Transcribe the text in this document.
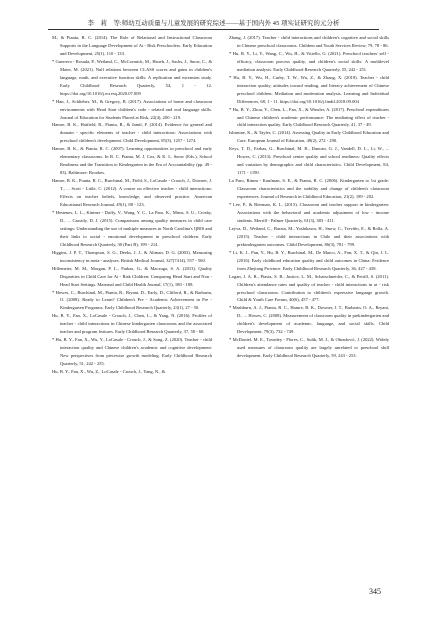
李　莉　等:师幼互动质量与儿童发展的研究综述——基于国内外 45 项实证研究的元分析

M., & Pianta, R. C. (2014). The Role of Relational and Instructional Classroom Supports in the Language Development of At - Risk Preschoolers. Early Education and Development, 25(1), 110 - 133.

* Guerrero - Rosada, P., Weiland, C., McCormick, M., Hsueh, J., Sachs, J., Snow, C., & Maier, M. (2021). Null relations between CLASS scores and gains in children's language, math, and executive function skills: A replication and extension study. Early Childhood Research Quarterly, 54, 1 - 12. https://doi.org/10.1016/j.ecresq.2020.07.009

* Han, J., Schlieber, M., & Gregory, B. (2017). Associations of home and classroom environments with Head Start children's code - related and oral language skills. Journal of Education for Students Placed at Risk, 22(4), 200 - 219.

Hamre, B. K., Hatfield, B., Pianta, R., & Jamil, F. (2014). Evidence for general and domain - specific elements of teacher - child interactions: Associations with preschool children's development. Child Development, 85(3), 1257 - 1274.

Hamre, B. K., & Pianta, R. C. (2007). Learning opportunities in preschool and early elementary classrooms. In R. C. Pianta, M. J. Cox, & K. L. Snow (Eds.), School Readiness and the Transition to Kindergarten in the Era of Accountability (pp. 49 - 83). Baltimore: Brookes.

Hamre, B. K., Pianta, R. C., Burchinal, M., Field, S., LoCasale - Crouch, J., Downer, J. T., ... Scott - Little, C. (2012). A course on effective teacher - child interactions: Effects on teacher beliefs, knowledge, and observed practice. American Educational Research Journal, 49(1), 88 - 123.

* Hestenes, L. L., Kintner - Duffy, V., Wang, Y. C., La Paro, K., Mims, S. U., Crosby, D., ... Cassidy, D. J. (2015). Comparisons among quality measures in child care settings: Understanding the use of multiple measures in North Carolina's QRIS and their links to social - emotional development in preschool children. Early Childhood Research Quarterly, 30 (Part B), 199 - 214.

Higgins, J. P. T., Thompson, S. G., Deeks, J. J., & Altman, D. G. (2003). Measuring inconsistency in meta - analyses. British Medical Journal, 327(7414), 557 - 560.

Hillemeier, M. M., Morgan, P. L., Farkas, G., & Maczuga, S. A. (2013). Quality Disparities in Child Care for At - Risk Children: Comparing Head Start and Non - Head Start Settings. Maternal and Child Health Journal, 17(1), 180 - 188.

* Howes, C., Burchinal, M., Pianta, R., Bryant, D., Early, D., Clifford, R., & Barbarin, O. (2008). Ready to Learn? Children's Pre - Academic Achievement in Pre - Kindergarten Programs. Early Childhood Research Quarterly, 23(1), 27 - 50.

Hu, B. Y., Fan, X., LoCasale - Crouch, J., Chen, L., & Yang, N. (2016). Profiles of teacher - child interactions in Chinese kindergarten classrooms and the associated teacher and program features. Early Childhood Research Quarterly, 37, 58 - 68.

* Hu, B. Y., Fan, X., Wu, Y., LoCasale - Crouch, J., & Song, Z. (2020). Teacher - child interaction quality and Chinese children's academic and cognitive development: New perspectives from piecewise growth modeling. Early Childhood Research Quarterly, 51, 242 - 255.

Hu, B. Y., Fan, X., Wu, Z., LoCasale - Crouch, J., Yang, N., &

Zhang, J. (2017). Teacher - child interactions and children's cognitive and social skills in Chinese preschool classrooms. Children and Youth Services Review, 79, 78 - 86.

* Hu, B. Y., Li, Y., Wang, C., Wu, H., & Vitiello, G. (2021). Preschool teachers' self - efficacy, classroom process quality, and children's social skills: A multilevel mediation analysis. Early Childhood Research Quarterly, 55, 242 - 251.

* Hu, B. Y., Wu, H., Curby, T. W., Wu, Z., & Zhang, X. (2018). Teacher - child interaction quality, attitudes toward reading, and literacy achievement of Chinese preschool children: Mediation and moderation analysis. Learning and Individual Differences, 68, 1 - 11. https://doi.org/10.1016/j.lindif.2018.09.004

* Hu, B. Y., Zhou, Y., Chen, L., Fan, X., & Winsler, A. (2017). Preschool expenditures and Chinese children's academic performance: The mediating effect of teacher - child interaction quality. Early Childhood Research Quarterly, 41, 37 - 49.

Ishimine, K., & Tayler, C. (2014). Assessing Quality in Early Childhood Education and Care. European Journal of Education, 49(2), 272 - 290.

Keys, T. D., Farkas, G., Burchinal, M. R., Duncan, G. J., Vandell, D. L., Li, W., ... Howes, C. (2013). Preschool center quality and school readiness: Quality effects and variation by demographic and child characteristics. Child Development, 84, 1171 - 1190.

La Paro, Rimm - Kaufman, S. E., & Pianta, R. C. (2006). Kindergarten to 1st grade: Classroom characteristics and the stability and change of children's classroom experiences. Journal of Research in Childhood Education, 21(2), 189 - 202.

* Lee, P., & Bierman, K. L. (2015). Classroom and teacher support in kindergarten: Associations with the behavioral and academic adjustment of low - income students. Merrill - Palmer Quarterly, 61(3), 383 - 411.

Leyva, D., Weiland, C., Barata, M., Yoshikawa, H., Snow, C., Treviño, E., & Rolla, A. (2015). Teacher - child interactions in Chile and their associations with prekindergarten outcomes. Child Development, 86(3), 781 - 799.

* Li, K. J., Pan, Y., Hu, B. Y., Burchinal, M., De Marco, A., Fan, X. T., & Qin, J. L. (2016). Early childhood education quality and child outcomes in China: Evidence from Zhejiang Province. Early Childhood Research Quarterly, 36, 427 - 438.

Logan, J. A. R., Piasta, S. B., Justice, L. M., Schatschneider, C., & Petrill, S. (2011). Children's attendance rates and quality of teacher - child interactions in at - risk preschool classrooms: Contribution to children's expressive language growth. Child & Youth Care Forum, 40(6), 457 - 477.

* Mashburn, A. J., Pianta, R. C., Hamre, B. K., Downer, J. T., Barbarin, O. A., Bryant, D., ... Howes, C. (2008). Measurement of classroom quality in prekindergarten and children's development of academic, language, and social skills. Child Development, 79(3), 732 - 749.

* McDoniel, M. E., Townley - Flores, C., Sulik, M. J., & Obradović, J. (2022). Widely used measures of classroom quality are largely unrelated to preschool skill development. Early Childhood Research Quarterly, 59, 243 - 253.

345
